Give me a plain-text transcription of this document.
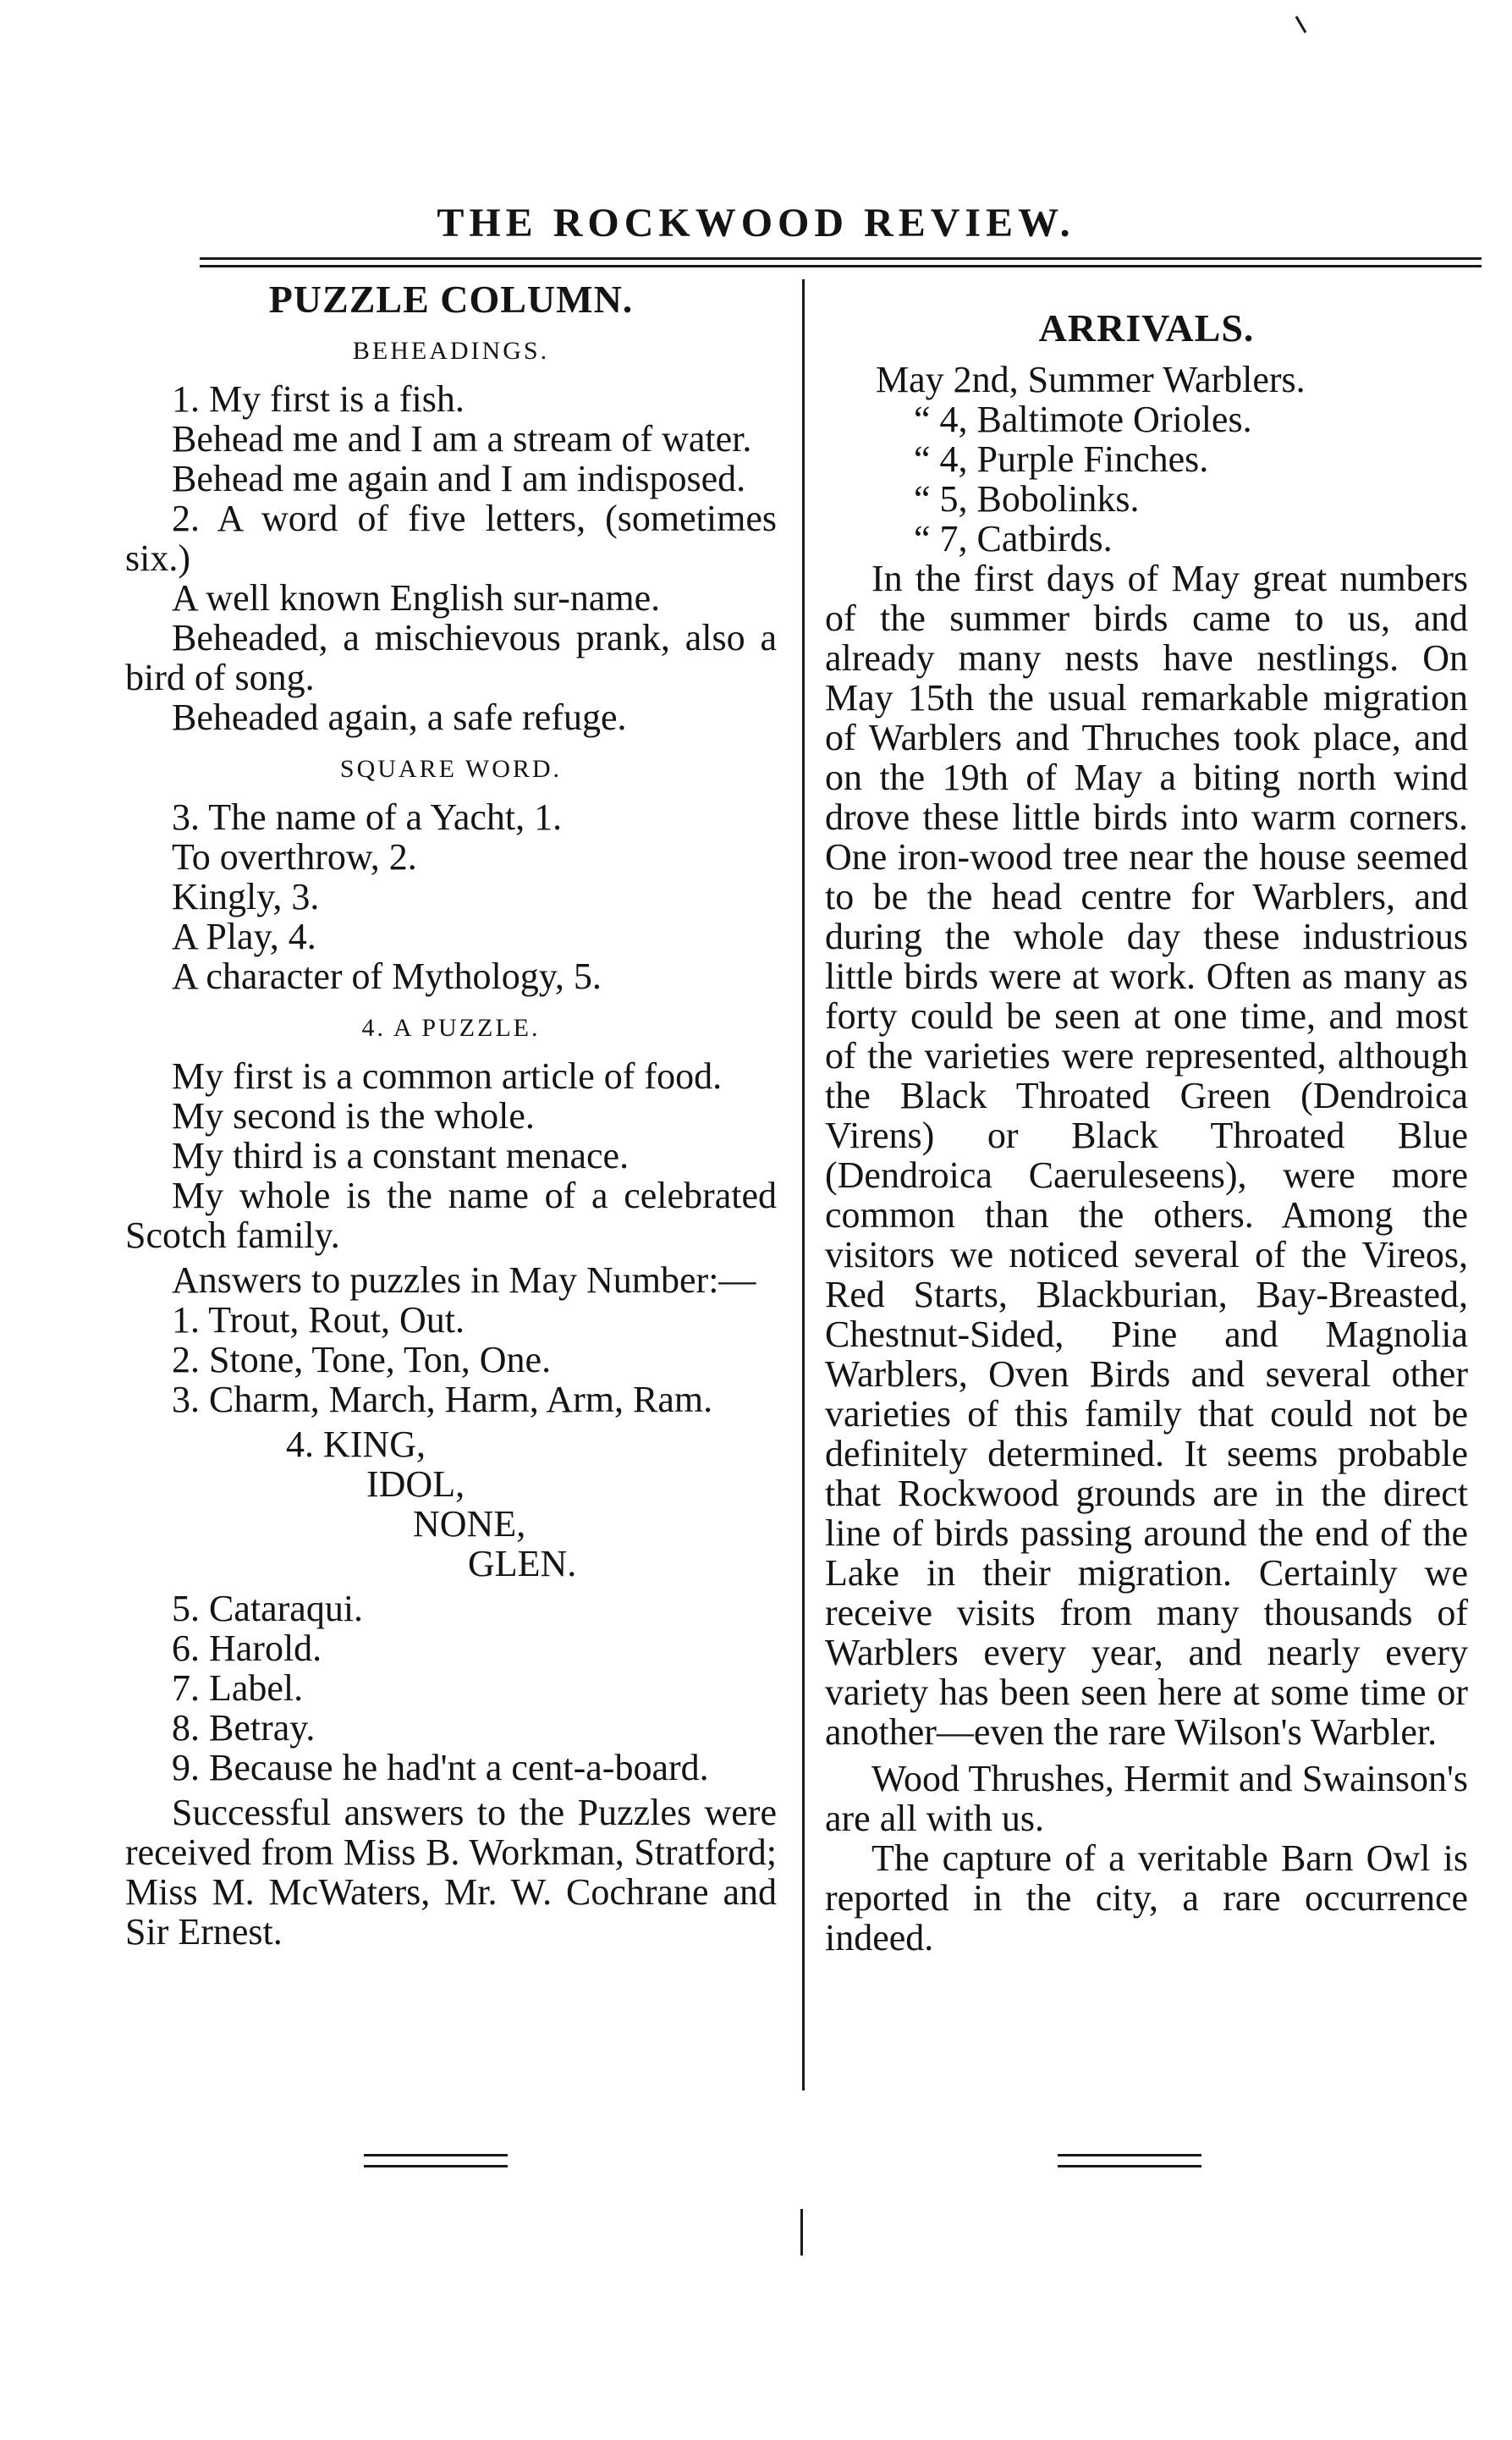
THE ROCKWOOD REVIEW.
PUZZLE COLUMN.
BEHEADINGS.

1. My first is a fish.

Behead me and I am a stream of water.

Behead me again and I am indisposed.

2. A word of five letters, (sometimes six.)

A well known English sur-name.

Beheaded, a mischievous prank, also a bird of song.

Beheaded again, a safe refuge.

SQUARE WORD.

3. The name of a Yacht, 1.

To overthrow, 2.

Kingly, 3.

A Play, 4.

A character of Mythology, 5.

4. A PUZZLE.

My first is a common article of food.

My second is the whole.

My third is a constant menace.

My whole is the name of a celebrated Scotch family.

Answers to puzzles in May Number:—

1. Trout, Rout, Out.

2. Stone, Tone, Ton, One.

3. Charm, March, Harm, Arm, Ram.

4. KING,
IDOL,
NONE,
GLEN.

5. Cataraqui.

6. Harold.

7. Label.

8. Betray.

9. Because he had'nt a cent-a-board.

Successful answers to the Puzzles were received from Miss B. Workman, Stratford; Miss M. McWaters, Mr. W. Cochrane and Sir Ernest.

ARRIVALS.

May 2nd, Summer Warblers.

“ 4, Baltimote Orioles.

“ 4, Purple Finches.

“ 5, Bobolinks.

“ 7, Catbirds.

In the first days of May great numbers of the summer birds came to us, and already many nests have nestlings. On May 15th the usual remarkable migration of Warblers and Thruches took place, and on the 19th of May a biting north wind drove these little birds into warm corners. One iron-wood tree near the house seemed to be the head centre for Warblers, and during the whole day these industrious little birds were at work. Often as many as forty could be seen at one time, and most of the varieties were represented, although the Black Throated Green (Dendroica Virens) or Black Throated Blue (Dendroica Caeruleseens), were more common than the others. Among the visitors we noticed several of the Vireos, Red Starts, Blackburian, Bay-Breasted, Chestnut-Sided, Pine and Magnolia Warblers, Oven Birds and several other varieties of this family that could not be definitely determined. It seems probable that Rockwood grounds are in the direct line of birds passing around the end of the Lake in their migration. Certainly we receive visits from many thousands of Warblers every year, and nearly every variety has been seen here at some time or another—even the rare Wilson's Warbler.

Wood Thrushes, Hermit and Swainson's are all with us.

The capture of a veritable Barn Owl is reported in the city, a rare occurrence indeed.
